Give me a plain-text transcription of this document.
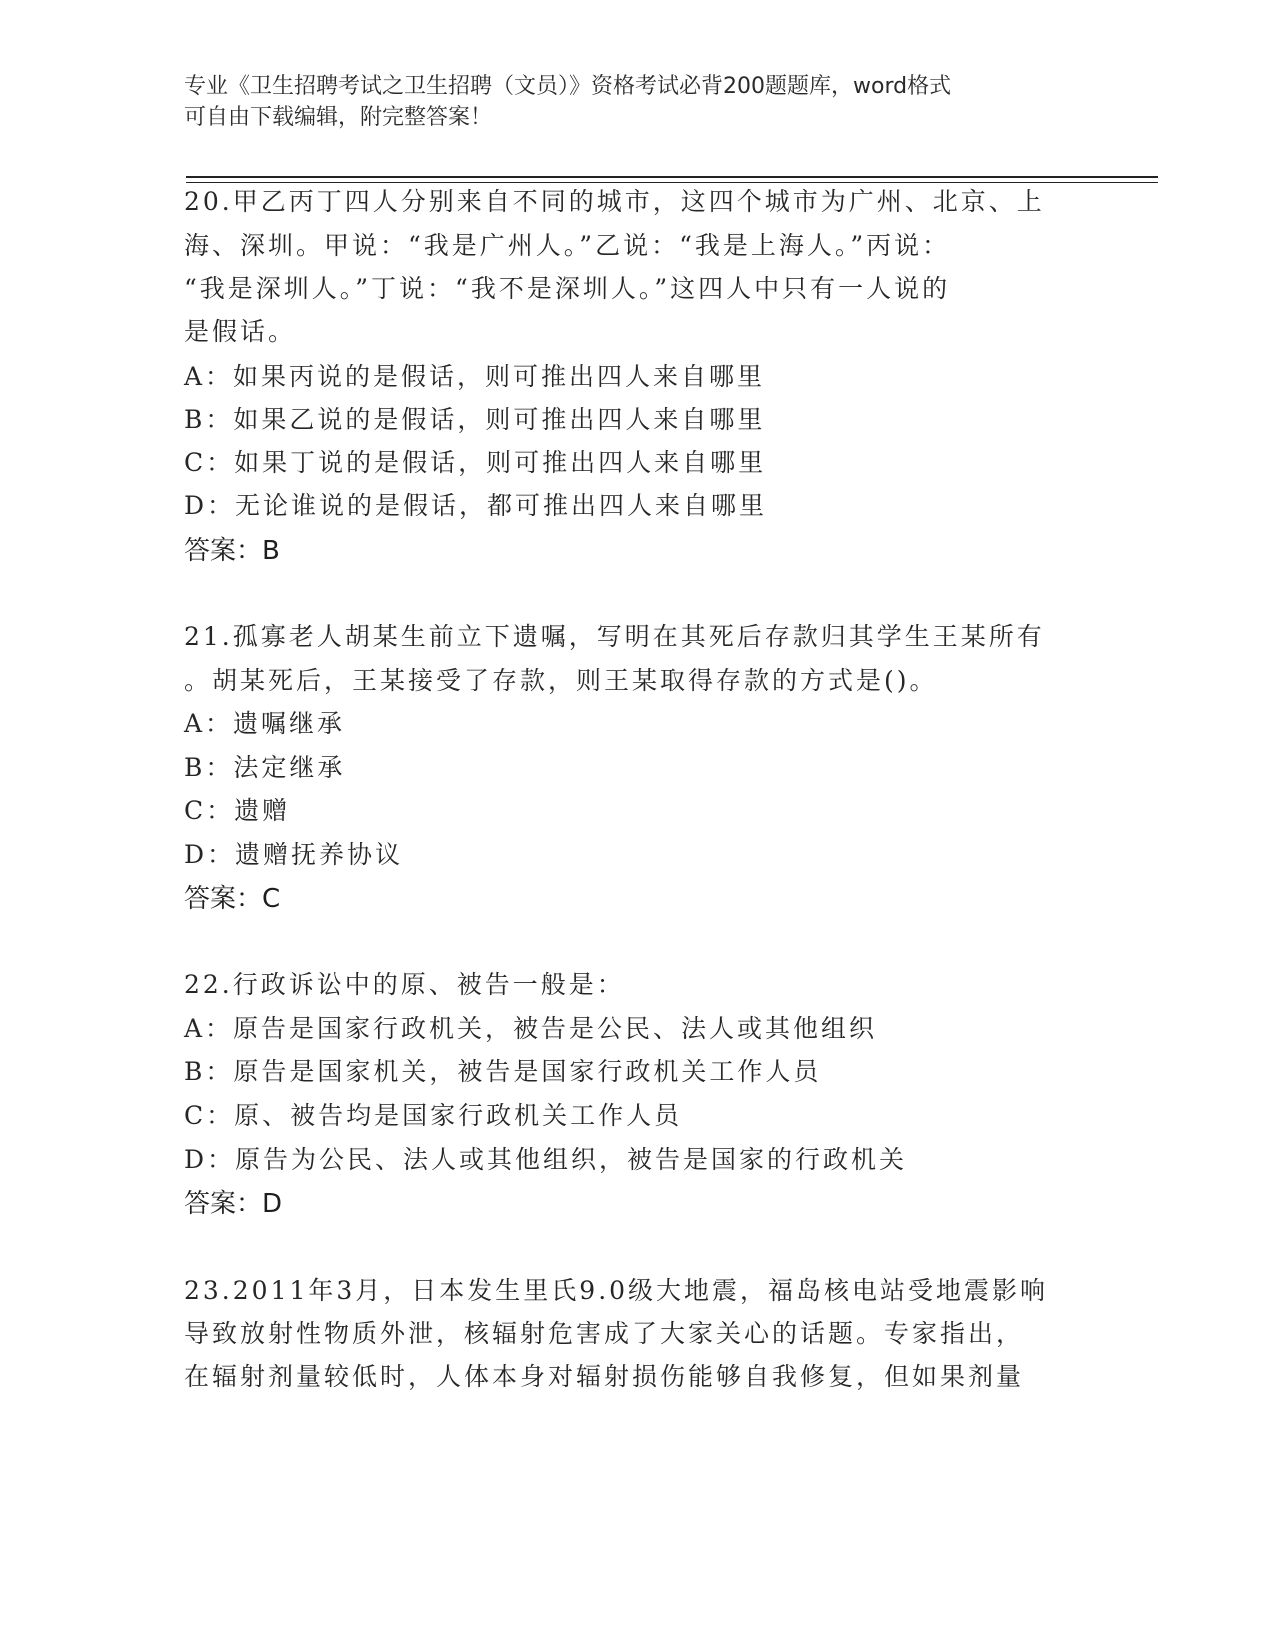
专业《卫生招聘考试之卫生招聘（文员）》资格考试必背200题题库，word格式
可自由下载编辑，附完整答案！
20.甲乙丙丁四人分别来自不同的城市，这四个城市为广州、北京、上
海、深圳。甲说：“我是广州人。”乙说：“我是上海人。”丙说：
“我是深圳人。”丁说：“我不是深圳人。”这四人中只有一人说的
是假话。
A：如果丙说的是假话，则可推出四人来自哪里
B：如果乙说的是假话，则可推出四人来自哪里
C：如果丁说的是假话，则可推出四人来自哪里
D：无论谁说的是假话，都可推出四人来自哪里
答案：B
21.孤寡老人胡某生前立下遗嘱，写明在其死后存款归其学生王某所有
。胡某死后，王某接受了存款，则王某取得存款的方式是()。
A：遗嘱继承
B：法定继承
C：遗赠
D：遗赠抚养协议
答案：C
22.行政诉讼中的原、被告一般是：
A：原告是国家行政机关，被告是公民、法人或其他组织
B：原告是国家机关，被告是国家行政机关工作人员
C：原、被告均是国家行政机关工作人员
D：原告为公民、法人或其他组织，被告是国家的行政机关
答案：D
23.2011年3月，日本发生里氏9.0级大地震，福岛核电站受地震影响
导致放射性物质外泄，核辐射危害成了大家关心的话题。专家指出，
在辐射剂量较低时，人体本身对辐射损伤能够自我修复，但如果剂量
